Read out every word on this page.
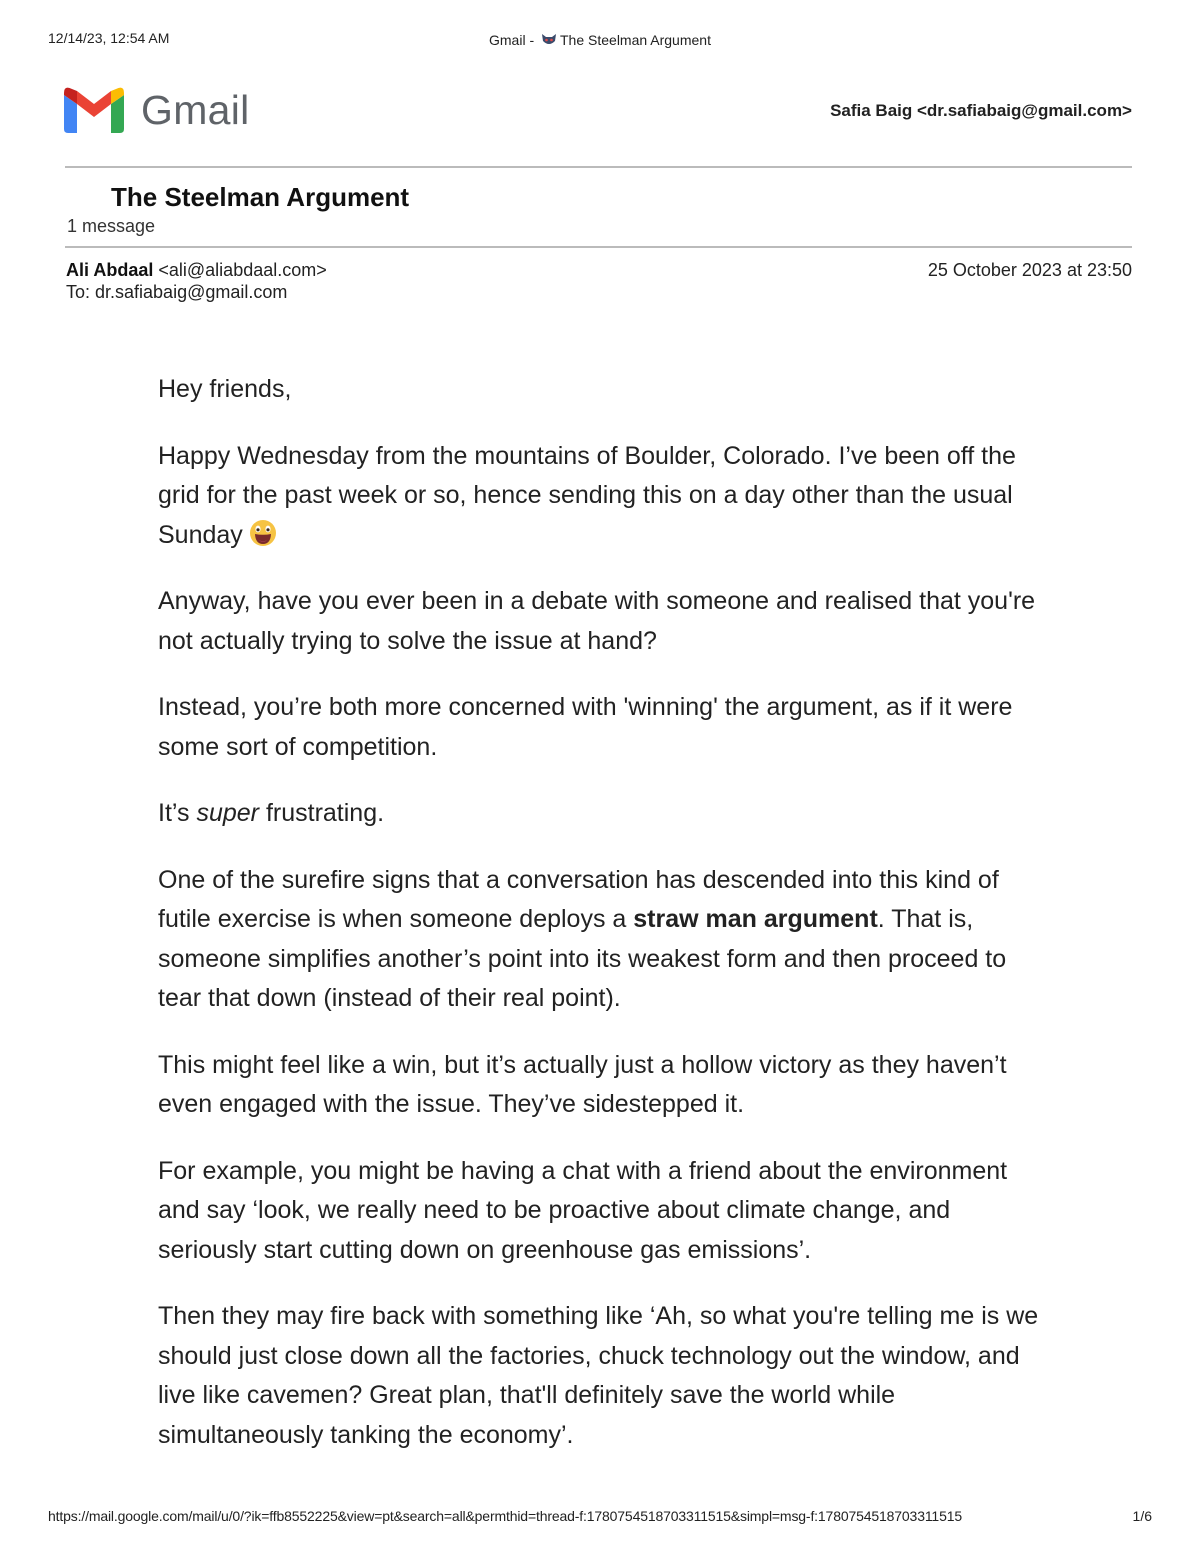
12/14/23, 12:54 AM	Gmail - The Steelman Argument
Gmail	Safia Baig <dr.safiabaig@gmail.com>
The Steelman Argument
1 message
Ali Abdaal <ali@aliabdaal.com>
To: dr.safiabaig@gmail.com
25 October 2023 at 23:50

Hey friends,

Happy Wednesday from the mountains of Boulder, Colorado. I’ve been off the grid for the past week or so, hence sending this on a day other than the usual Sunday

Anyway, have you ever been in a debate with someone and realised that you're not actually trying to solve the issue at hand?

Instead, you’re both more concerned with 'winning' the argument, as if it were some sort of competition.

It’s super frustrating.

One of the surefire signs that a conversation has descended into this kind of futile exercise is when someone deploys a straw man argument. That is, someone simplifies another’s point into its weakest form and then proceed to tear that down (instead of their real point).

This might feel like a win, but it’s actually just a hollow victory as they haven’t even engaged with the issue. They’ve sidestepped it.

For example, you might be having a chat with a friend about the environment and say ‘look, we really need to be proactive about climate change, and seriously start cutting down on greenhouse gas emissions’.

Then they may fire back with something like ‘Ah, so what you're telling me is we should just close down all the factories, chuck technology out the window, and live like cavemen? Great plan, that'll definitely save the world while simultaneously tanking the economy’.

https://mail.google.com/mail/u/0/?ik=ffb8552225&view=pt&search=all&permthid=thread-f:1780754518703311515&simpl=msg-f:1780754518703311515	1/6
